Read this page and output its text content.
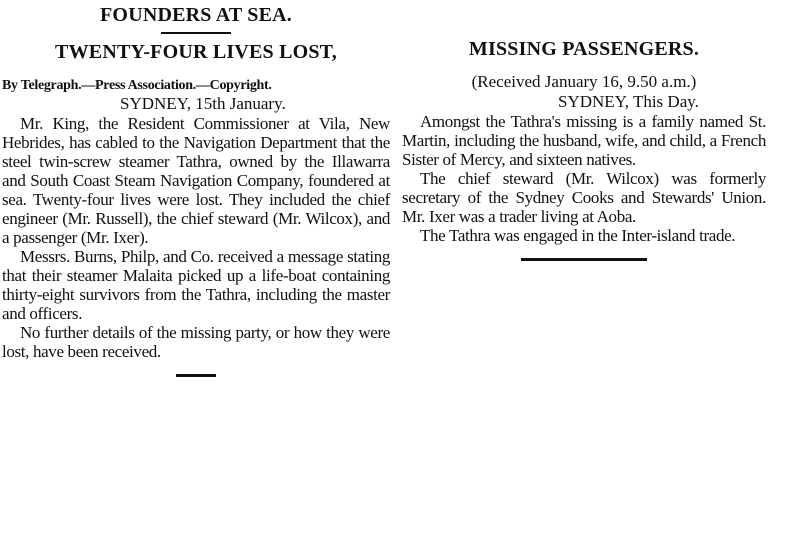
FOUNDERS AT SEA.
TWENTY-FOUR LIVES LOST,
By Telegraph.—Press Association.—Copyright.
SYDNEY, 15th January.

Mr. King, the Resident Commissioner at Vila, New Hebrides, has cabled to the Navigation Department that the steel twin-screw steamer Tathra, owned by the Illawarra and South Coast Steam Navigation Company, foundered at sea. Twenty-four lives were lost. They included the chief engineer (Mr. Russell), the chief steward (Mr. Wilcox), and a passenger (Mr. Ixer).

Messrs. Burns, Philp, and Co. received a message stating that their steamer Malaita picked up a life-boat containing thirty-eight survivors from the Tathra, including the master and officers.

No further details of the missing party, or how they were lost, have been received.

MISSING PASSENGERS.
(Received January 16, 9.50 a.m.)
SYDNEY, This Day.

Amongst the Tathra's missing is a family named St. Martin, including the husband, wife, and child, a French Sister of Mercy, and sixteen natives.

The chief steward (Mr. Wilcox) was formerly secretary of the Sydney Cooks and Stewards' Union. Mr. Ixer was a trader living at Aoba.

The Tathra was engaged in the Inter-island trade.
